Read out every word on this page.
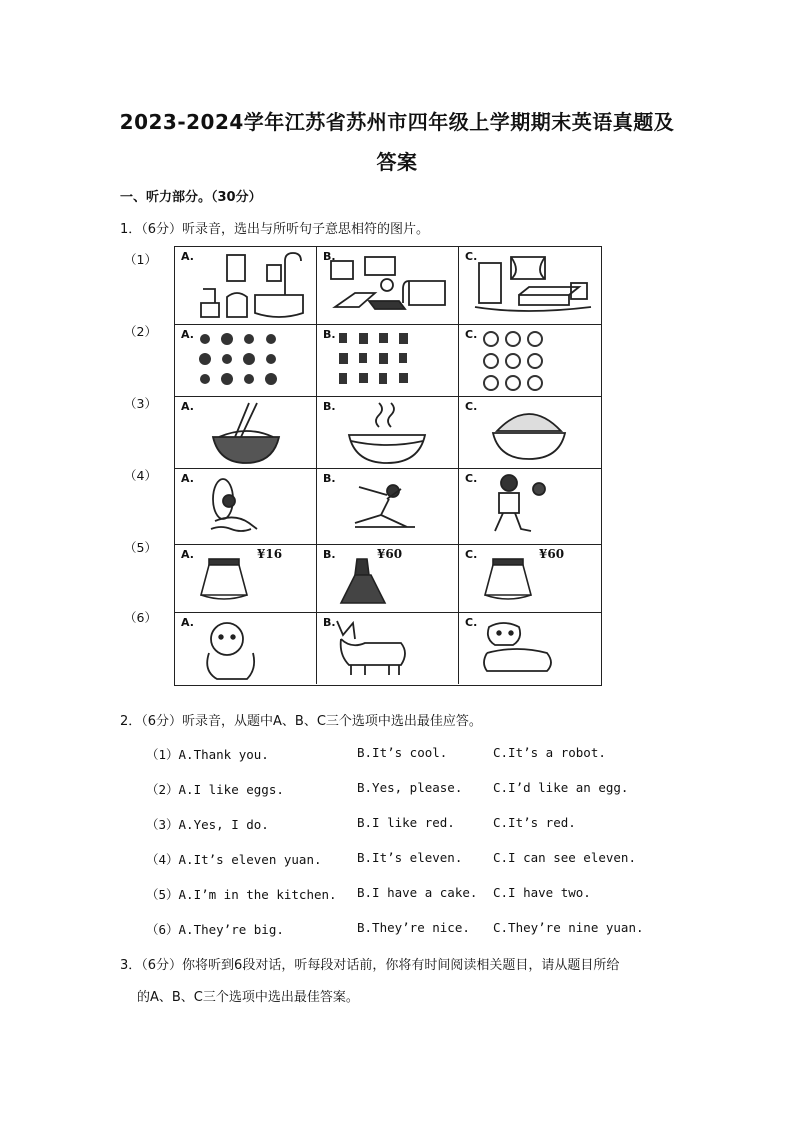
2023-2024学年江苏省苏州市四年级上学期期末英语真题及
答案
一、听力部分。（30分）
1．（6分）听录音，选出与所听句子意思相符的图片。
（1）
（2）
（3）
（4）
（5）
（6）
A.	B.	C.
A.	B.	C.
A.	B.	C.
A.	B.	C.
A.	¥16	B.	¥60	C.	¥60
A.	B.	C.
2．（6分）听录音，从题中A、B、C三个选项中选出最佳应答。
（1）A.Thank you.	B.It’s cool.	C.It’s a robot.
（2）A.I like eggs.	B.Yes, please. C.I’d like an egg.
（3）A.Yes, I do.	B.I like red.	C.It’s red.
（4）A.It’s eleven yuan.	B.It’s eleven. C.I can see eleven.
（5）A.I’m in the kitchen. B.I have a cake. C.I have two.
（6）A.They’re big.	B.They’re nice. C.They’re nine yuan.
3．（6分）你将听到6段对话，听每段对话前，你将有时间阅读相关题目，请从题目所给
的A、B、C三个选项中选出最佳答案。
